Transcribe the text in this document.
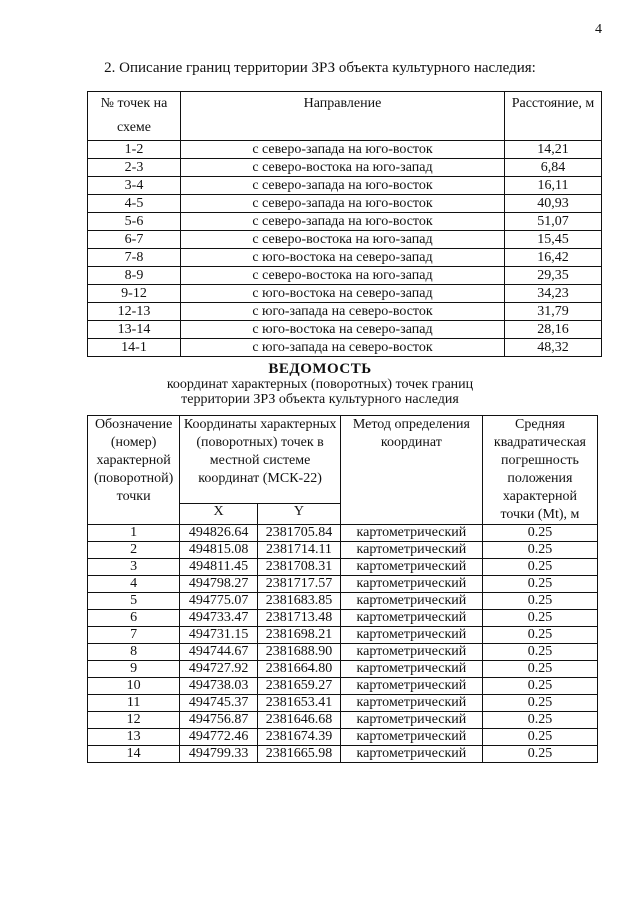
4
2. Описание границ территории ЗРЗ объекта культурного наследия:
№ точек на схеме	Направление	Расстояние, м
1-2	с северо-запада на юго-восток	14,21
2-3	с северо-востока на юго-запад	6,84
3-4	с северо-запада на юго-восток	16,11
4-5	с северо-запада на юго-восток	40,93
5-6	с северо-запада на юго-восток	51,07
6-7	с северо-востока на юго-запад	15,45
7-8	с юго-востока на северо-запад	16,42
8-9	с северо-востока на юго-запад	29,35
9-12	с юго-востока на северо-запад	34,23
12-13	с юго-запада на северо-восток	31,79
13-14	с юго-востока на северо-запад	28,16
14-1	с юго-запада на северо-восток	48,32
ВЕДОМОСТЬ
координат характерных (поворотных) точек границ
территории ЗРЗ объекта культурного наследия
Обозначение (номер) характерной (поворотной) точки	Координаты характерных (поворотных) точек в местной системе координат (МСК-22)		Метод определения координат	Средняя квадратическая погрешность положения характерной точки (Mt), м
	X	Y		
1	494826.64	2381705.84	картометрический	0.25
2	494815.08	2381714.11	картометрический	0.25
3	494811.45	2381708.31	картометрический	0.25
4	494798.27	2381717.57	картометрический	0.25
5	494775.07	2381683.85	картометрический	0.25
6	494733.47	2381713.48	картометрический	0.25
7	494731.15	2381698.21	картометрический	0.25
8	494744.67	2381688.90	картометрический	0.25
9	494727.92	2381664.80	картометрический	0.25
10	494738.03	2381659.27	картометрический	0.25
11	494745.37	2381653.41	картометрический	0.25
12	494756.87	2381646.68	картометрический	0.25
13	494772.46	2381674.39	картометрический	0.25
14	494799.33	2381665.98	картометрический	0.25
